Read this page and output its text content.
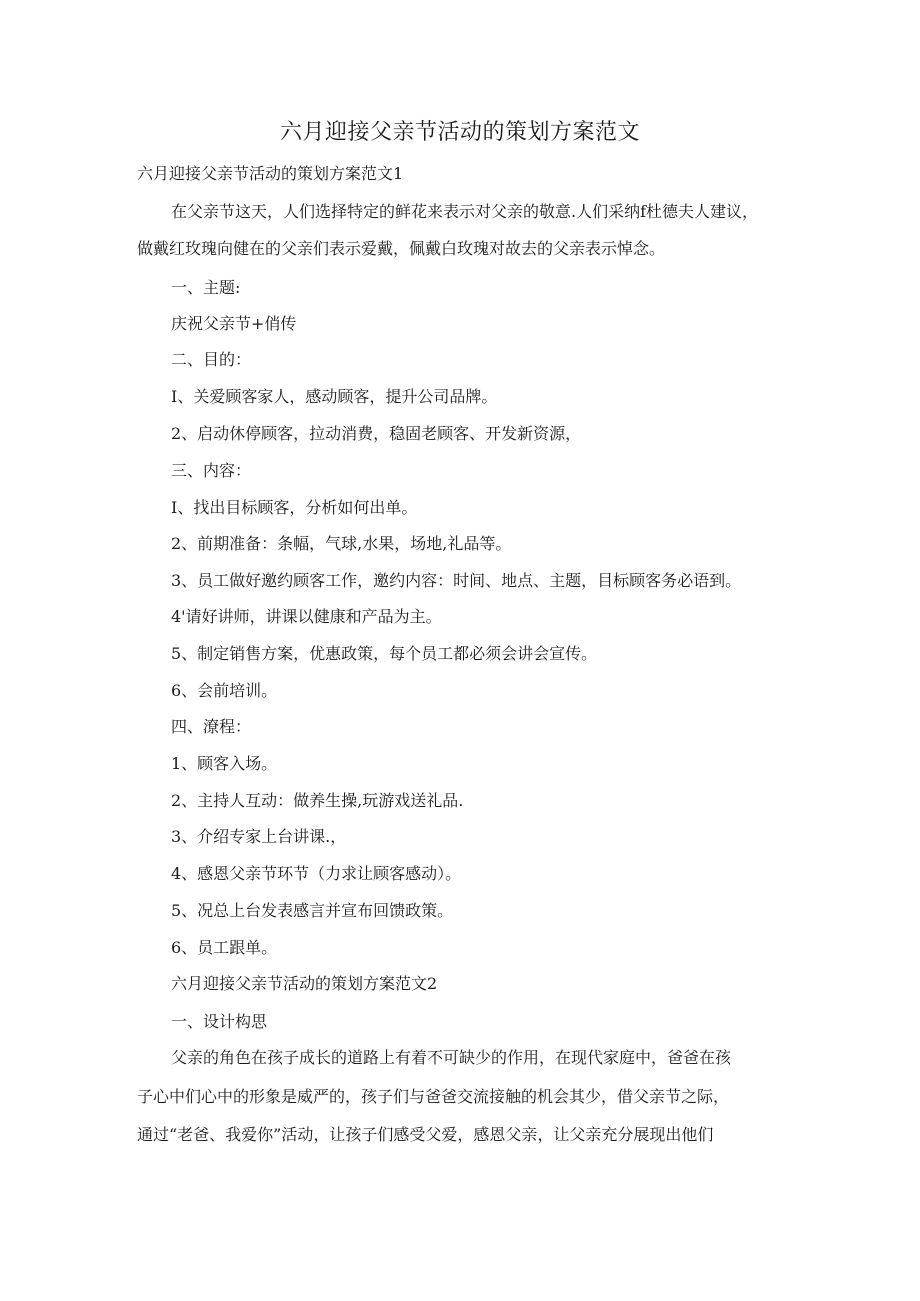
六月迎接父亲节活动的策划方案范文
六月迎接父亲节活动的策划方案范文1
在父亲节这天，人们选择特定的鲜花来表示对父亲的敬意.人们采纳f杜德夫人建议，
做戴红玫瑰向健在的父亲们表示爱戴，佩戴白玫瑰对故去的父亲表示悼念。
一、主题:
庆祝父亲节+俏传
二、目的：
I、关爱顾客家人，感动顾客，提升公司品牌。
2、启动休停顾客，拉动消费，稳固老顾客、开发新资源，
三、内容：
I、找出目标顾客，分析如何出单。
2、前期准备：条幅，气球,水果，场地,礼品等。
3、员工做好邀约顾客工作，邀约内容：时间、地点、主题，目标顾客务必语到。
4'请好讲师，讲课以健康和产品为主。
5、制定销售方案，优惠政策，每个员工都必须会讲会宣传。
6、会前培训。
四、潦程：
1、顾客入场。
2、主持人互动：做养生操,玩游戏送礼品.
3、介绍专家上台讲课.，
4、感恩父亲节环节（力求让顾客感动）。
5、况总上台发表感言并宣布回馈政策。
6、员工跟单。
六月迎接父亲节活动的策划方案范文2
一、设计构思
父亲的角色在孩子成长的道路上有着不可缺少的作用，在现代家庭中，爸爸在孩
子心中们心中的形象是威严的，孩子们与爸爸交流接触的机会其少，借父亲节之际，
通过“老爸、我爱你”活动，让孩子们感受父爱，感恩父亲，让父亲充分展现出他们
